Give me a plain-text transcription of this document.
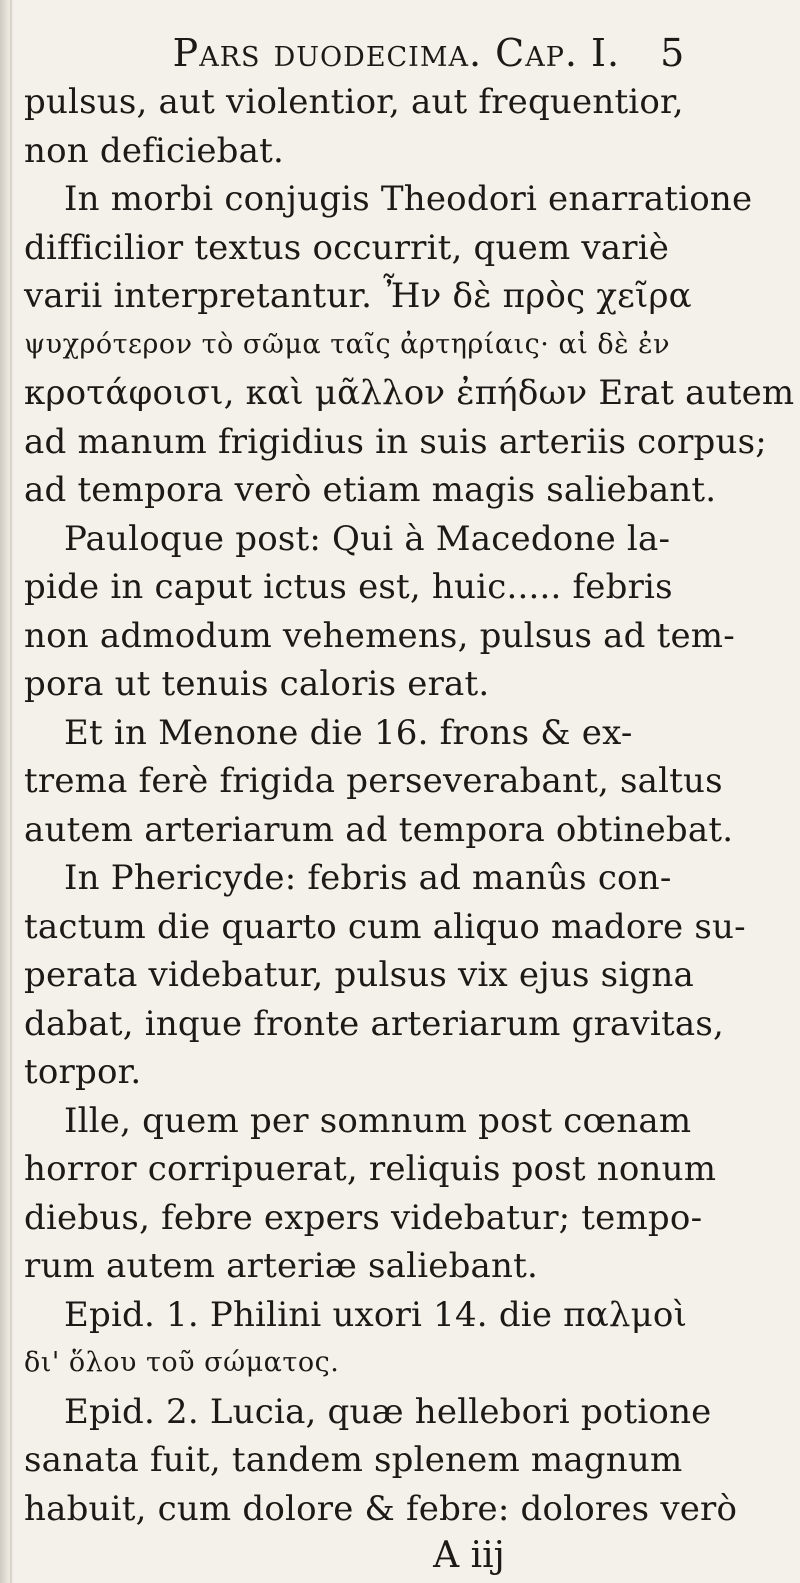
Pars duodecima. Cap. I. 5
pulsus, aut violentior, aut frequentior,
non deficiebat.
In morbi conjugis Theodori enarratione
difficilior textus occurrit, quem variè
varii interpretantur. Ἦν δὲ πρὸς χεῖρα
ψυχρότερον τὸ σῶμα ταῖς ἀρτηρίαις· αἱ δὲ ἐν
κροτάφοισι, καὶ μᾶλλον ἐπήδων Erat autem
ad manum frigidius in suis arteriis corpus;
ad tempora verò etiam magis saliebant.
Pauloque post: Qui à Macedone la-
pide in caput ictus est, huic..... febris
non admodum vehemens, pulsus ad tem-
pora ut tenuis caloris erat.
Et in Menone die 16. frons & ex-
trema ferè frigida perseverabant, saltus
autem arteriarum ad tempora obtinebat.
In Phericyde: febris ad manûs con-
tactum die quarto cum aliquo madore su-
perata videbatur, pulsus vix ejus signa
dabat, inque fronte arteriarum gravitas,
torpor.
Ille, quem per somnum post cœnam
horror corripuerat, reliquis post nonum
diebus, febre expers videbatur; tempo-
rum autem arteriæ saliebant.
Epid. 1. Philini uxori 14. die παλμοὶ
δι' ὅλου τοῦ σώματος.
Epid. 2. Lucia, quæ hellebori potione
sanata fuit, tandem splenem magnum
habuit, cum dolore & febre: dolores verò
A iij
